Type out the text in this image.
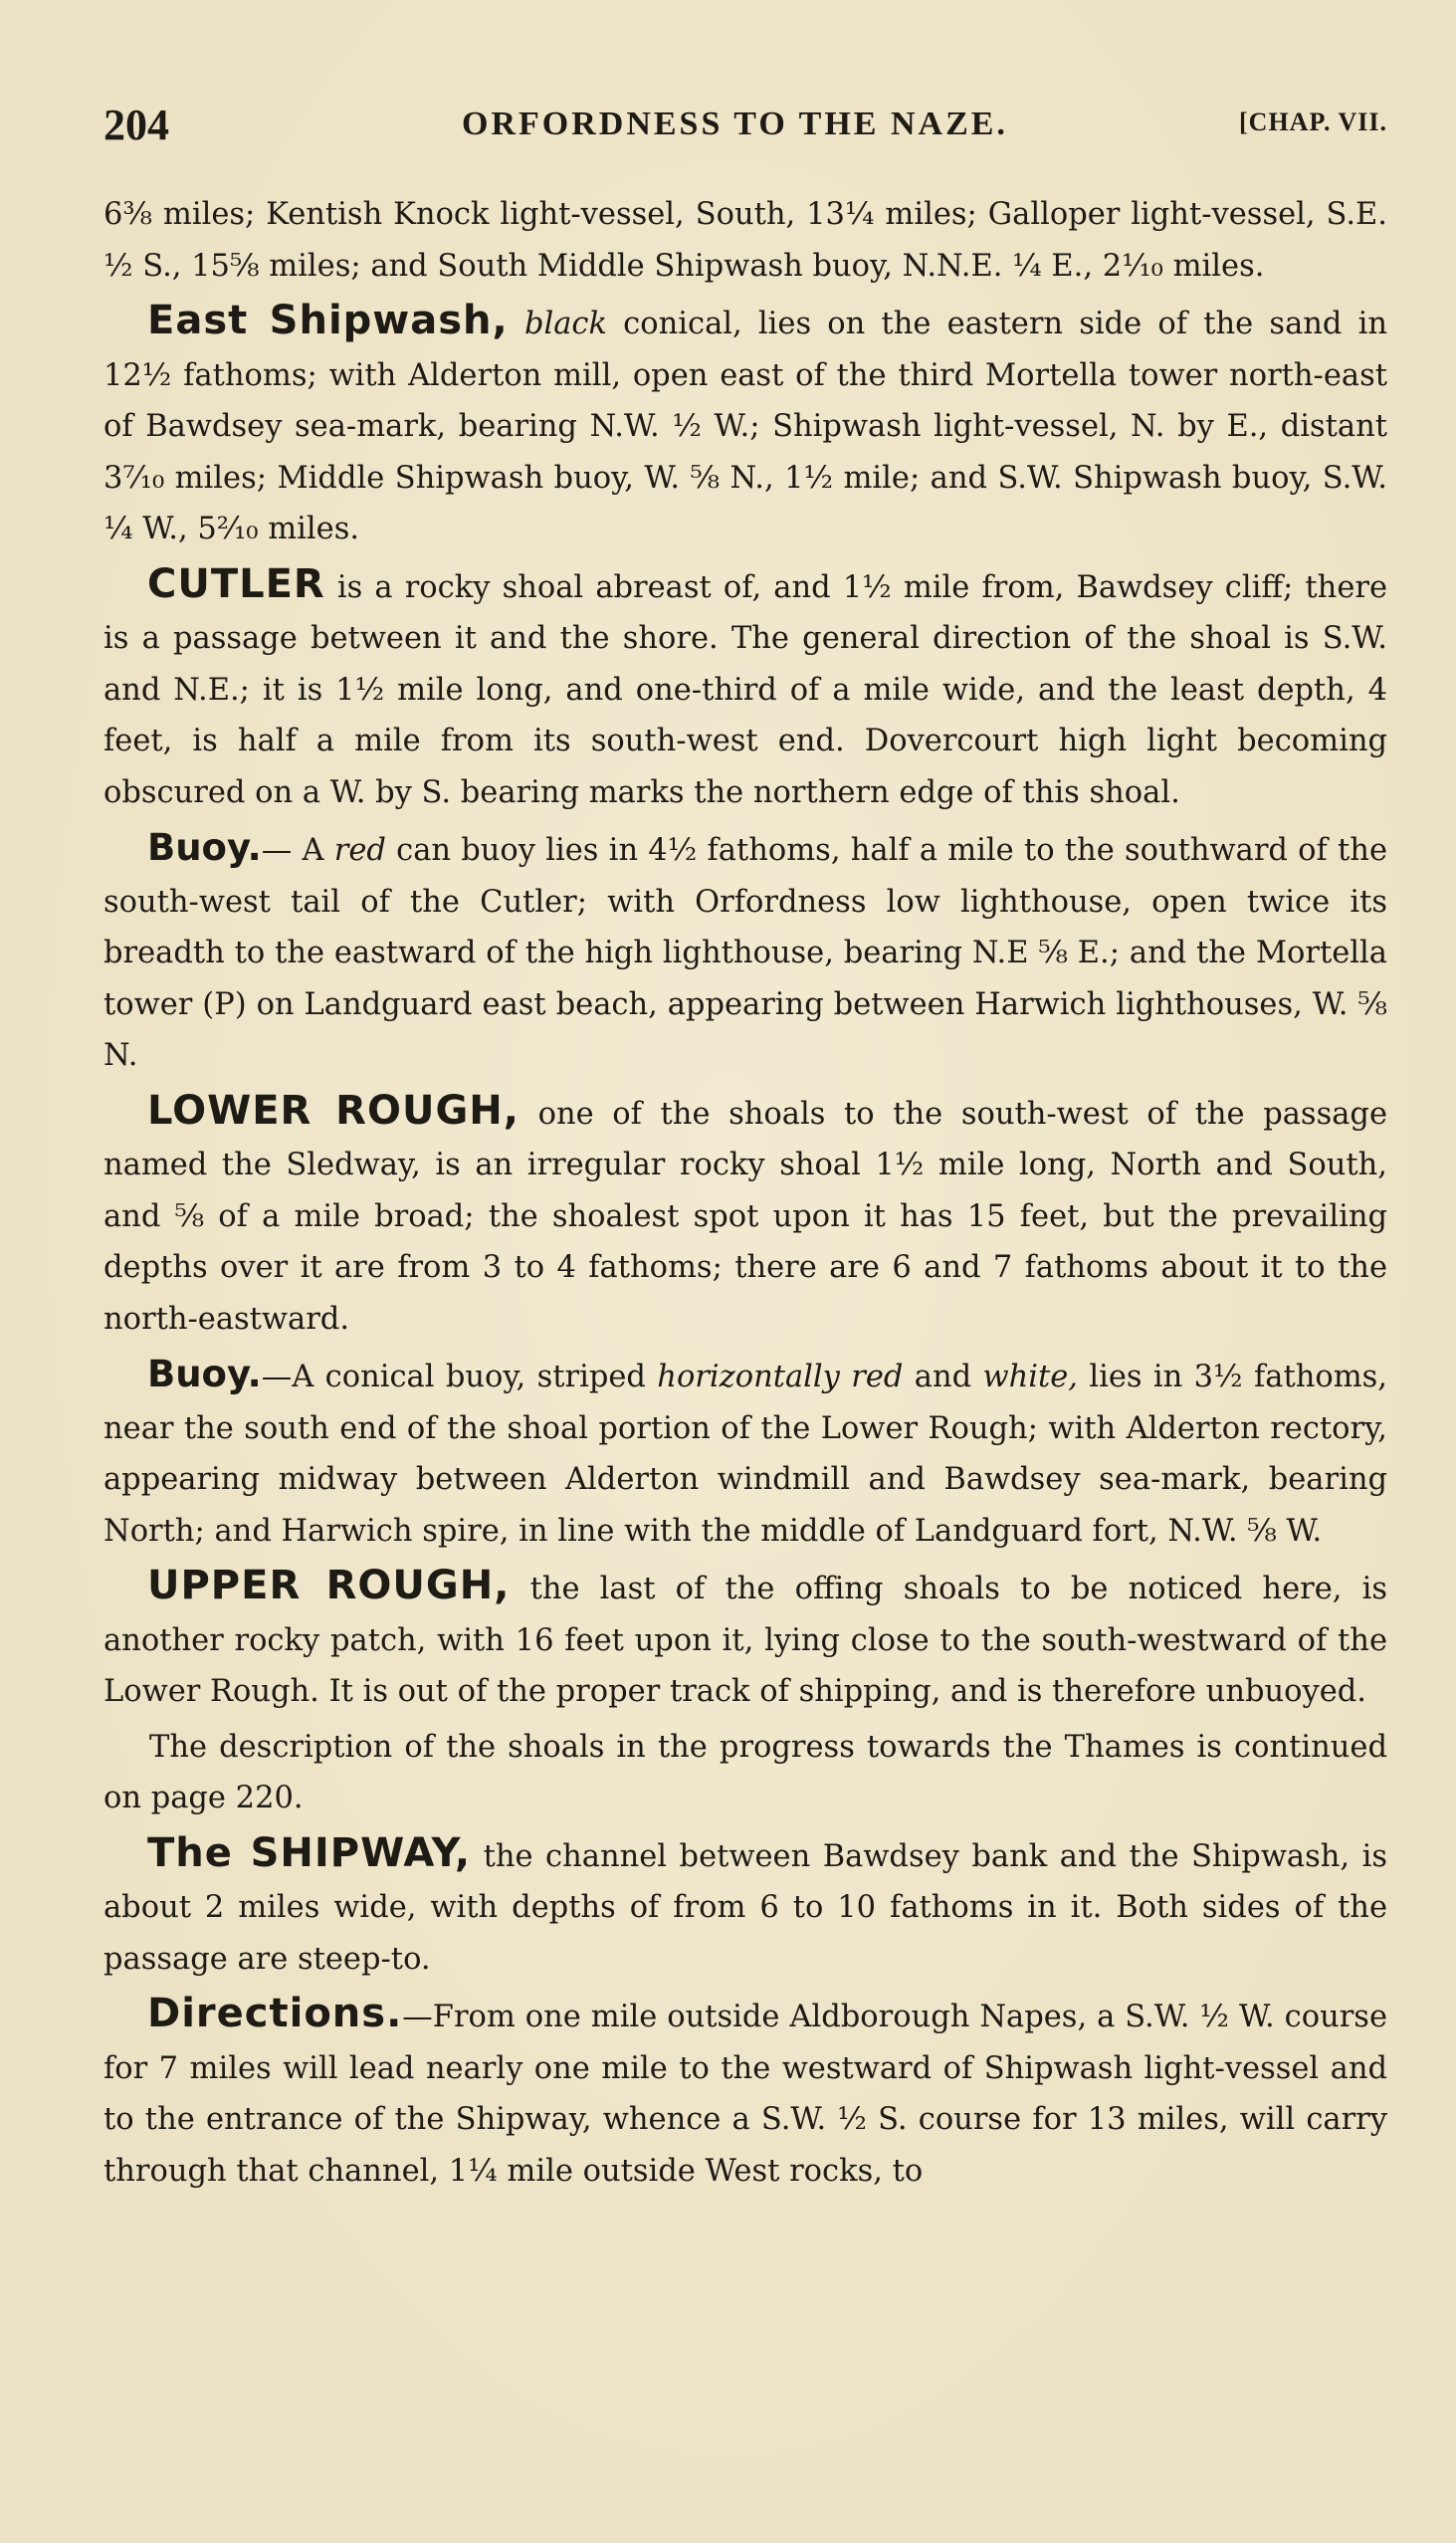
204	ORFORDNESS TO THE NAZE.	[CHAP. VII.

6⅜ miles; Kentish Knock light-vessel, South, 13¼ miles; Galloper light-vessel, S.E. ½ S., 15⅝ miles; and South Middle Shipwash buoy, N.N.E. ¼ E., 2¹⁄₁₀ miles.

East Shipwash, black conical, lies on the eastern side of the sand in 12½ fathoms; with Alderton mill, open east of the third Mortella tower north-east of Bawdsey sea-mark, bearing N.W. ½ W.; Shipwash light-vessel, N. by E., distant 3⁷⁄₁₀ miles; Middle Shipwash buoy, W. ⅝ N., 1½ mile; and S.W. Shipwash buoy, S.W. ¼ W., 5²⁄₁₀ miles.

CUTLER is a rocky shoal abreast of, and 1½ mile from, Bawdsey cliff; there is a passage between it and the shore. The general direction of the shoal is S.W. and N.E.; it is 1½ mile long, and one-third of a mile wide, and the least depth, 4 feet, is half a mile from its south-west end. Dovercourt high light becoming obscured on a W. by S. bearing marks the northern edge of this shoal.

Buoy.— A red can buoy lies in 4½ fathoms, half a mile to the southward of the south-west tail of the Cutler; with Orfordness low lighthouse, open twice its breadth to the eastward of the high lighthouse, bearing N.E ⅝ E.; and the Mortella tower (P) on Landguard east beach, appearing between Harwich lighthouses, W. ⅝ N.

LOWER ROUGH, one of the shoals to the south-west of the passage named the Sledway, is an irregular rocky shoal 1½ mile long, North and South, and ⅝ of a mile broad; the shoalest spot upon it has 15 feet, but the prevailing depths over it are from 3 to 4 fathoms; there are 6 and 7 fathoms about it to the north-eastward.

Buoy.—A conical buoy, striped horizontally red and white, lies in 3½ fathoms, near the south end of the shoal portion of the Lower Rough; with Alderton rectory, appearing midway between Alderton windmill and Bawdsey sea-mark, bearing North; and Harwich spire, in line with the middle of Landguard fort, N.W. ⅝ W.

UPPER ROUGH, the last of the offing shoals to be noticed here, is another rocky patch, with 16 feet upon it, lying close to the south-westward of the Lower Rough. It is out of the proper track of shipping, and is therefore unbuoyed.

The description of the shoals in the progress towards the Thames is continued on page 220.

The SHIPWAY, the channel between Bawdsey bank and the Shipwash, is about 2 miles wide, with depths of from 6 to 10 fathoms in it. Both sides of the passage are steep-to.

Directions.—From one mile outside Aldborough Napes, a S.W. ½ W. course for 7 miles will lead nearly one mile to the westward of Shipwash light-vessel and to the entrance of the Shipway, whence a S.W. ½ S. course for 13 miles, will carry through that channel, 1¼ mile outside West rocks, to
